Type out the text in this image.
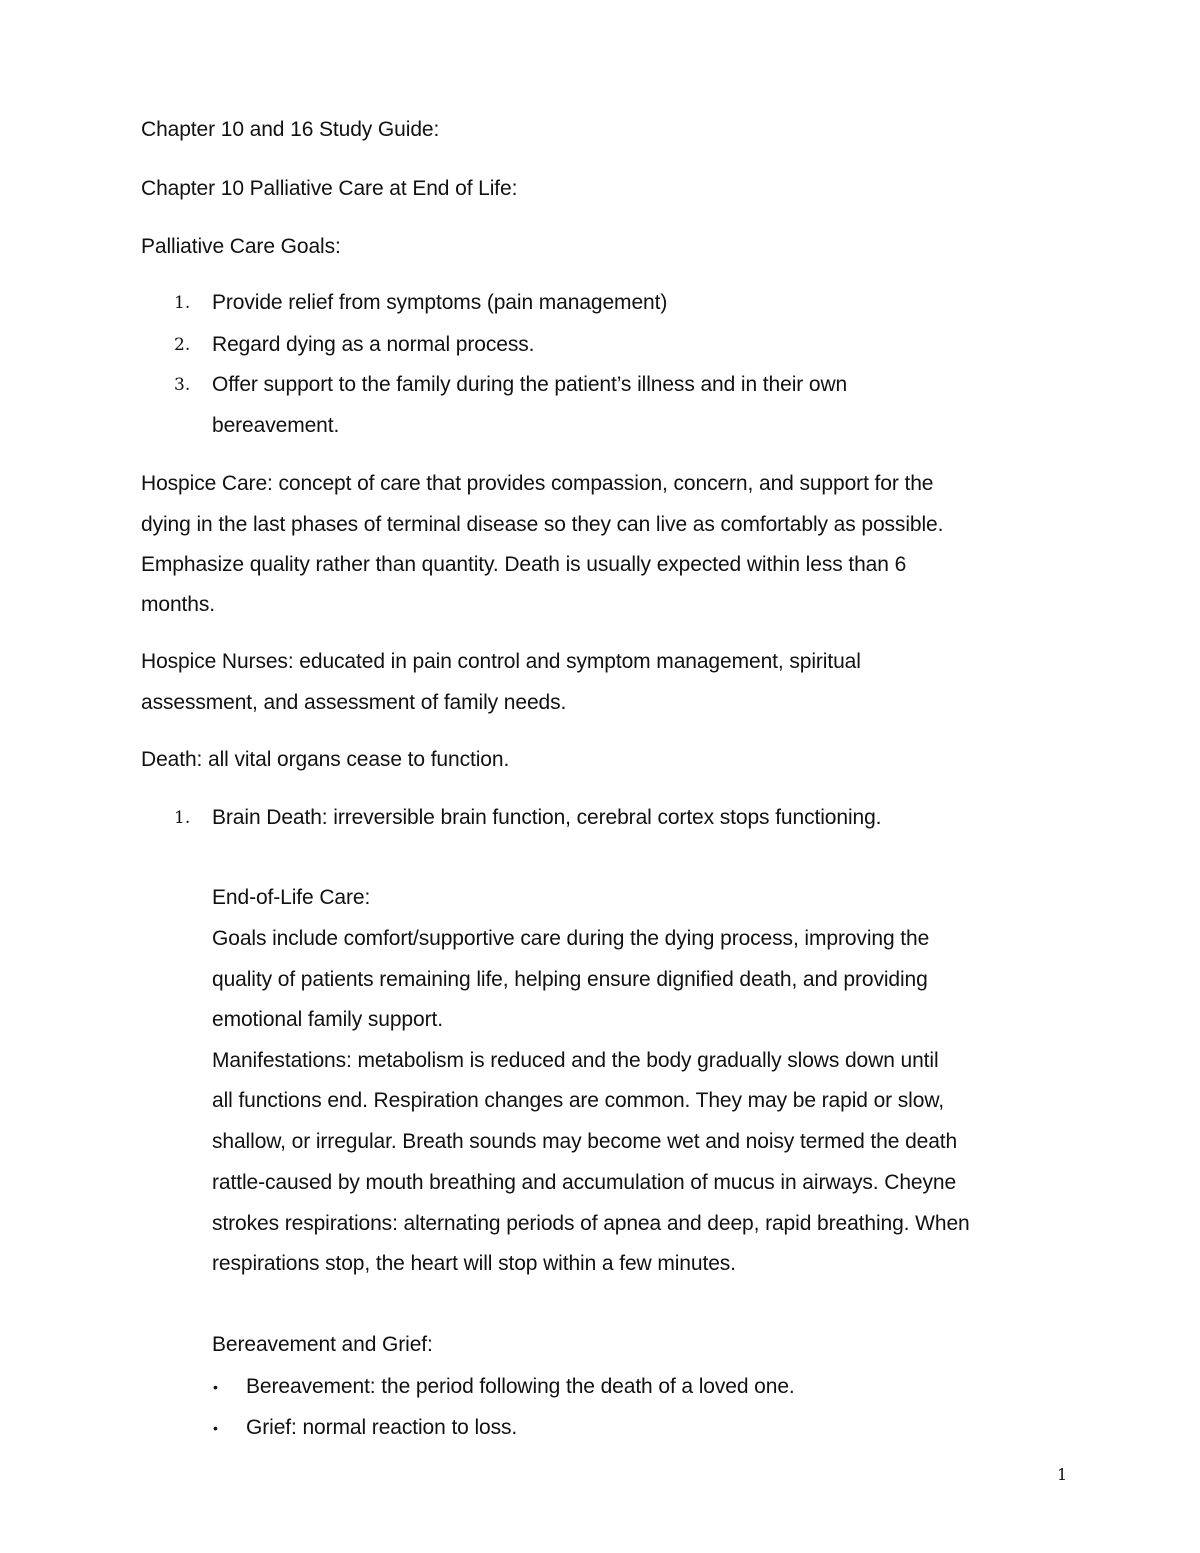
Chapter 10 and 16 Study Guide:
Chapter 10 Palliative Care at End of Life:
Palliative Care Goals:
1. Provide relief from symptoms (pain management)
2. Regard dying as a normal process.
3. Offer support to the family during the patient’s illness and in their own
bereavement.
Hospice Care: concept of care that provides compassion, concern, and support for the
dying in the last phases of terminal disease so they can live as comfortably as possible.
Emphasize quality rather than quantity. Death is usually expected within less than 6
months.
Hospice Nurses: educated in pain control and symptom management, spiritual
assessment, and assessment of family needs.
Death: all vital organs cease to function.
1. Brain Death: irreversible brain function, cerebral cortex stops functioning.
End-of-Life Care:
Goals include comfort/supportive care during the dying process, improving the
quality of patients remaining life, helping ensure dignified death, and providing
emotional family support.
Manifestations: metabolism is reduced and the body gradually slows down until
all functions end. Respiration changes are common. They may be rapid or slow,
shallow, or irregular. Breath sounds may become wet and noisy termed the death
rattle-caused by mouth breathing and accumulation of mucus in airways. Cheyne
strokes respirations: alternating periods of apnea and deep, rapid breathing. When
respirations stop, the heart will stop within a few minutes.
Bereavement and Grief:
• Bereavement: the period following the death of a loved one.
• Grief: normal reaction to loss.
1
